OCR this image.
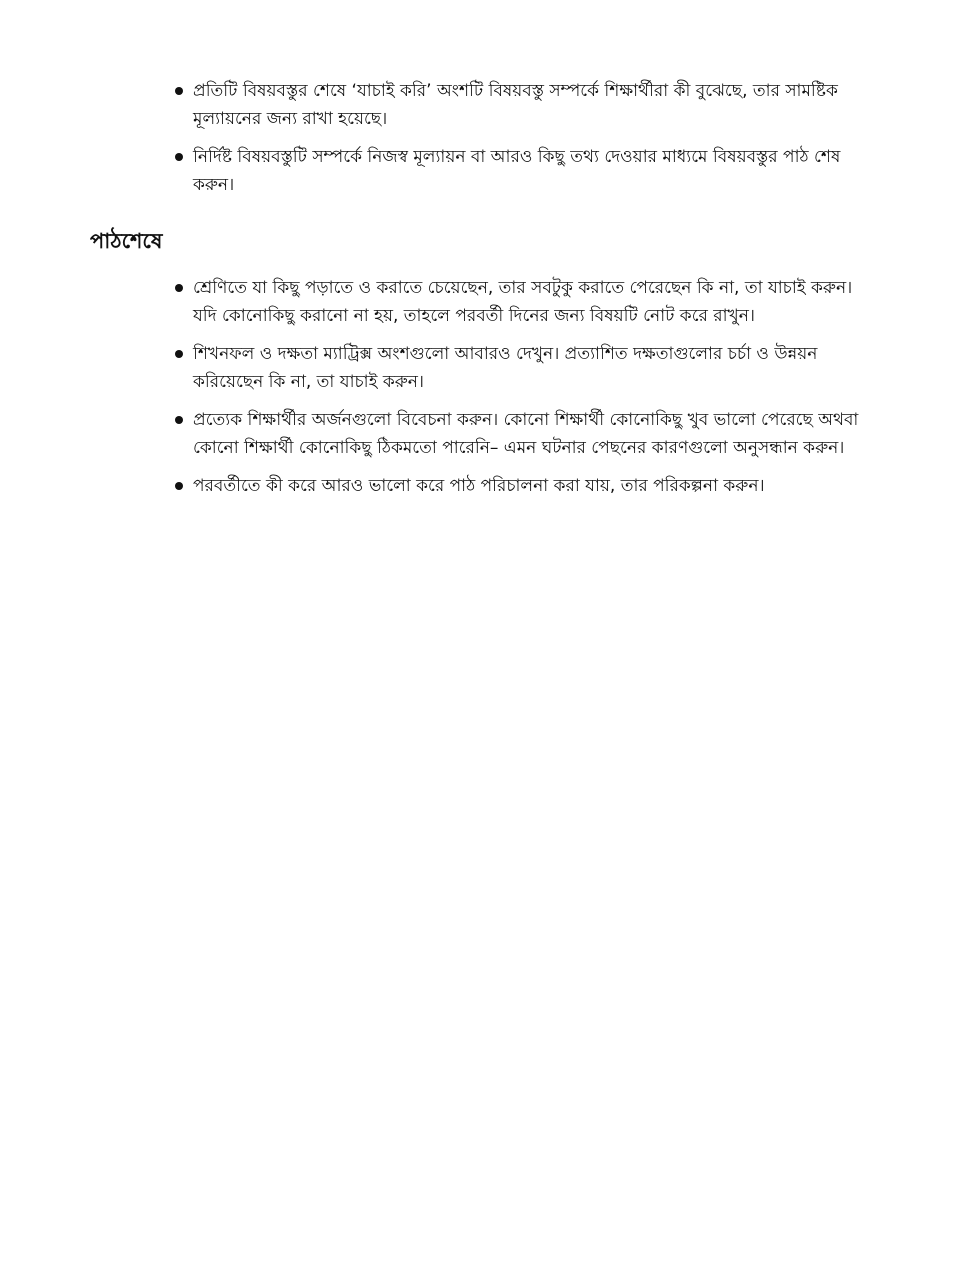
প্রতিটি বিষয়বস্তুর শেষে ‘যাচাই করি’ অংশটি বিষয়বস্তু সম্পর্কে শিক্ষার্থীরা কী বুঝেছে, তার সামষ্টিক মূল্যায়নের জন্য রাখা হয়েছে।
নির্দিষ্ট বিষয়বস্তুটি সম্পর্কে নিজস্ব মূল্যায়ন বা আরও কিছু তথ্য দেওয়ার মাধ্যমে বিষয়বস্তুর পাঠ শেষ করুন।
পাঠশেষে
শ্রেণিতে যা কিছু পড়াতে ও করাতে চেয়েছেন, তার সবটুকু করাতে পেরেছেন কি না, তা যাচাই করুন। যদি কোনোকিছু করানো না হয়, তাহলে পরবর্তী দিনের জন্য বিষয়টি নোট করে রাখুন।
শিখনফল ও দক্ষতা ম্যাট্রিক্স অংশগুলো আবারও দেখুন। প্রত্যাশিত দক্ষতাগুলোর চর্চা ও উন্নয়ন করিয়েছেন কি না, তা যাচাই করুন।
প্রত্যেক শিক্ষার্থীর অর্জনগুলো বিবেচনা করুন। কোনো শিক্ষার্থী কোনোকিছু খুব ভালো পেরেছে অথবা কোনো শিক্ষার্থী কোনোকিছু ঠিকমতো পারেনি– এমন ঘটনার পেছনের কারণগুলো অনুসন্ধান করুন।
পরবর্তীতে কী করে আরও ভালো করে পাঠ পরিচালনা করা যায়, তার পরিকল্পনা করুন।
